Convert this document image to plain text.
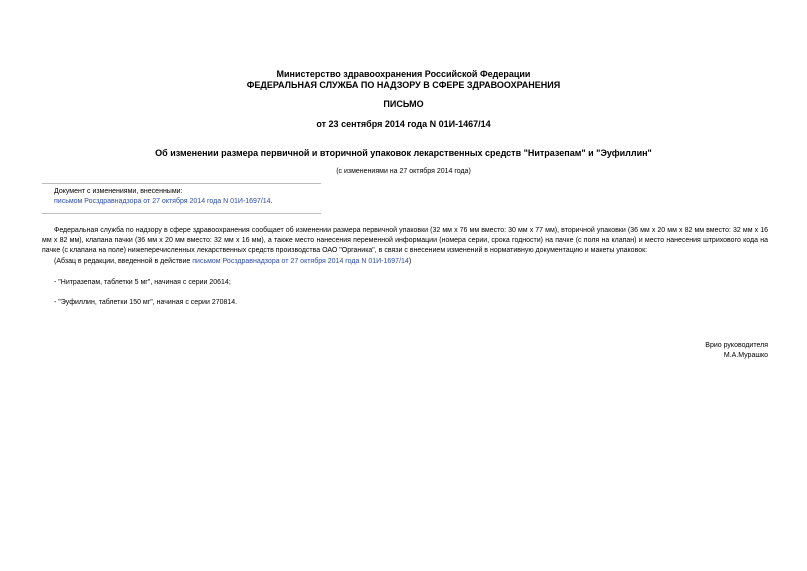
Министерство здравоохранения Российской Федерации
ФЕДЕРАЛЬНАЯ СЛУЖБА ПО НАДЗОРУ В СФЕРЕ ЗДРАВООХРАНЕНИЯ
ПИСЬМО
от 23 сентября 2014 года N 01И-1467/14
Об изменении размера первичной и вторичной упаковок лекарственных средств "Нитразепам" и "Эуфиллин"
(с изменениями на 27 октября 2014 года)
Документ с изменениями, внесенными:
письмом Росздравнадзора от 27 октября 2014 года N 01И-1697/14.

Федеральная служба по надзору в сфере здравоохранения сообщает об изменении размера первичной упаковки (32 мм х 76 мм вместо: 30 мм х 77 мм), вторичной упаковки (36 мм х 20 мм х 82 мм вместо: 32 мм х 16 мм х 82 мм), клапана пачки (36 мм х 20 мм вместо: 32 мм х 16 мм), а также место нанесения переменной информации (номера серии, срока годности) на пачке (с поля на клапан) и место нанесения штрихового кода на пачке (с клапана на поле) нижеперечисленных лекарственных средств производства ОАО "Органика", в связи с внесением изменений в нормативную документацию и макеты упаковок:

(Абзац в редакции, введенной в действие письмом Росздравнадзора от 27 октября 2014 года N 01И-1697/14)
- "Нитразепам, таблетки 5 мг", начиная с серии 20614;
- "Эуфиллин, таблетки 150 мг", начиная с серии 270814.
Врио руководителя
М.А.Мурашко
